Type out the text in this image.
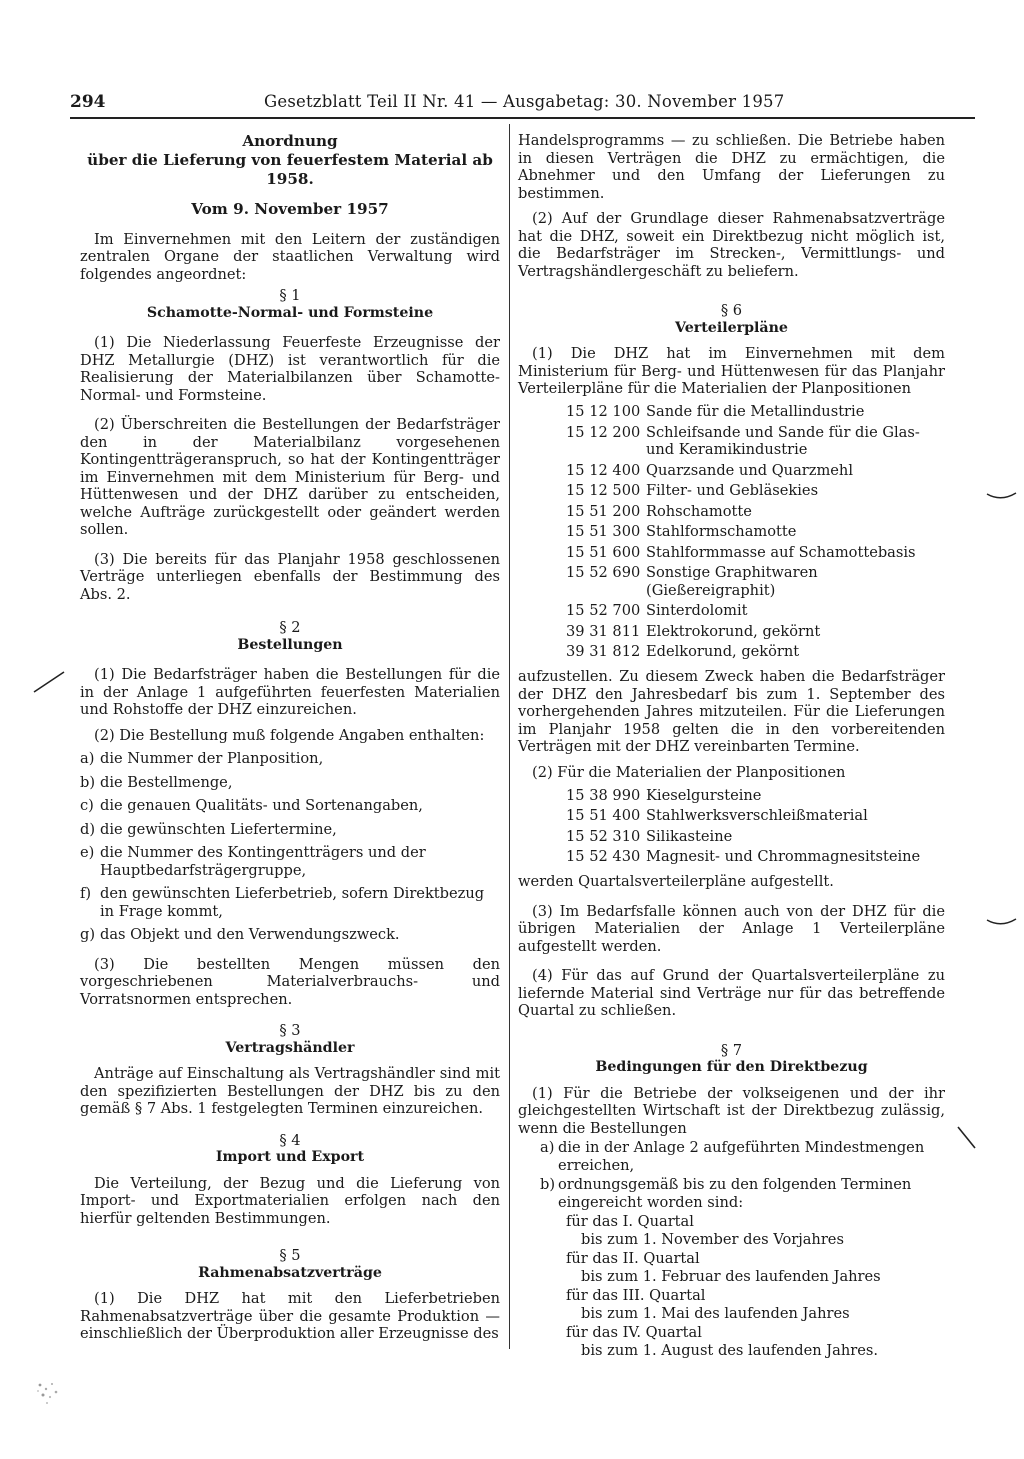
294	Gesetzblatt Teil II Nr. 41 — Ausgabetag: 30. November 1957
Anordnung
über die Lieferung von feuerfestem Material ab 1958.
Vom 9. November 1957

Im Einvernehmen mit den Leitern der zuständigen zentralen Organe der staatlichen Verwaltung wird folgendes angeordnet:

§ 1
Schamotte-Normal- und Formsteine

(1) Die Niederlassung Feuerfeste Erzeugnisse der DHZ Metallurgie (DHZ) ist verantwortlich für die Realisierung der Materialbilanzen über Schamotte-Normal- und Formsteine.

(2) Überschreiten die Bestellungen der Bedarfsträger den in der Materialbilanz vorgesehenen Kontingentträgeranspruch, so hat der Kontingentträger im Einvernehmen mit dem Ministerium für Berg- und Hüttenwesen und der DHZ darüber zu entscheiden, welche Aufträge zurückgestellt oder geändert werden sollen.

(3) Die bereits für das Planjahr 1958 geschlossenen Verträge unterliegen ebenfalls der Bestimmung des Abs. 2.

§ 2
Bestellungen

(1) Die Bedarfsträger haben die Bestellungen für die in der Anlage 1 aufgeführten feuerfesten Materialien und Rohstoffe der DHZ einzureichen.

(2) Die Bestellung muß folgende Angaben enthalten:

a) die Nummer der Planposition,
b) die Bestellmenge,
c) die genauen Qualitäts- und Sortenangaben,
d) die gewünschten Liefertermine,
e) die Nummer des Kontingentträgers und der Hauptbedarfsträgergruppe,
f) den gewünschten Lieferbetrieb, sofern Direktbezug in Frage kommt,
g) das Objekt und den Verwendungszweck.

(3) Die bestellten Mengen müssen den vorgeschriebenen Materialverbrauchs- und Vorratsnormen entsprechen.

§ 3
Vertragshändler

Anträge auf Einschaltung als Vertragshändler sind mit den spezifizierten Bestellungen der DHZ bis zu den gemäß § 7 Abs. 1 festgelegten Terminen einzureichen.

§ 4
Import und Export

Die Verteilung, der Bezug und die Lieferung von Import- und Exportmaterialien erfolgen nach den hierfür geltenden Bestimmungen.

§ 5
Rahmenabsatzverträge

(1) Die DHZ hat mit den Lieferbetrieben Rahmenabsatzverträge über die gesamte Produktion — einschließlich der Überproduktion aller Erzeugnisse des

Handelsprogramms — zu schließen. Die Betriebe haben in diesen Verträgen die DHZ zu ermächtigen, die Abnehmer und den Umfang der Lieferungen zu bestimmen.

(2) Auf der Grundlage dieser Rahmenabsatzverträge hat die DHZ, soweit ein Direktbezug nicht möglich ist, die Bedarfsträger im Strecken-, Vermittlungs- und Vertragshändlergeschäft zu beliefern.

§ 6
Verteilerpläne

(1) Die DHZ hat im Einvernehmen mit dem Ministerium für Berg- und Hüttenwesen für das Planjahr Verteilerpläne für die Materialien der Planpositionen

15 12 100	Sande für die Metallindustrie
15 12 200	Schleifsande und Sande für die Glas- und Keramikindustrie
15 12 400	Quarzsande und Quarzmehl
15 12 500	Filter- und Gebläsekies
15 51 200	Rohschamotte
15 51 300	Stahlformschamotte
15 51 600	Stahlformmasse auf Schamottebasis
15 52 690	Sonstige Graphitwaren (Gießereigraphit)
15 52 700	Sinterdolomit
39 31 811	Elektrokorund, gekörnt
39 31 812	Edelkorund, gekörnt

aufzustellen. Zu diesem Zweck haben die Bedarfsträger der DHZ den Jahresbedarf bis zum 1. September des vorhergehenden Jahres mitzuteilen. Für die Lieferungen im Planjahr 1958 gelten die in den vorbereitenden Verträgen mit der DHZ vereinbarten Termine.

(2) Für die Materialien der Planpositionen

15 38 990	Kieselgursteine
15 51 400	Stahlwerksverschleißmaterial
15 52 310	Silikasteine
15 52 430	Magnesit- und Chrommagnesitsteine

werden Quartalsverteilerpläne aufgestellt.

(3) Im Bedarfsfalle können auch von der DHZ für die übrigen Materialien der Anlage 1 Verteilerpläne aufgestellt werden.

(4) Für das auf Grund der Quartalsverteilerpläne zu liefernde Material sind Verträge nur für das betreffende Quartal zu schließen.

§ 7
Bedingungen für den Direktbezug

(1) Für die Betriebe der volkseigenen und der ihr gleichgestellten Wirtschaft ist der Direktbezug zulässig, wenn die Bestellungen

a) die in der Anlage 2 aufgeführten Mindestmengen erreichen,
b) ordnungsgemäß bis zu den folgenden Terminen eingereicht worden sind:
für das I. Quartal
bis zum 1. November des Vorjahres
für das II. Quartal
bis zum 1. Februar des laufenden Jahres
für das III. Quartal
bis zum 1. Mai des laufenden Jahres
für das IV. Quartal
bis zum 1. August des laufenden Jahres.
